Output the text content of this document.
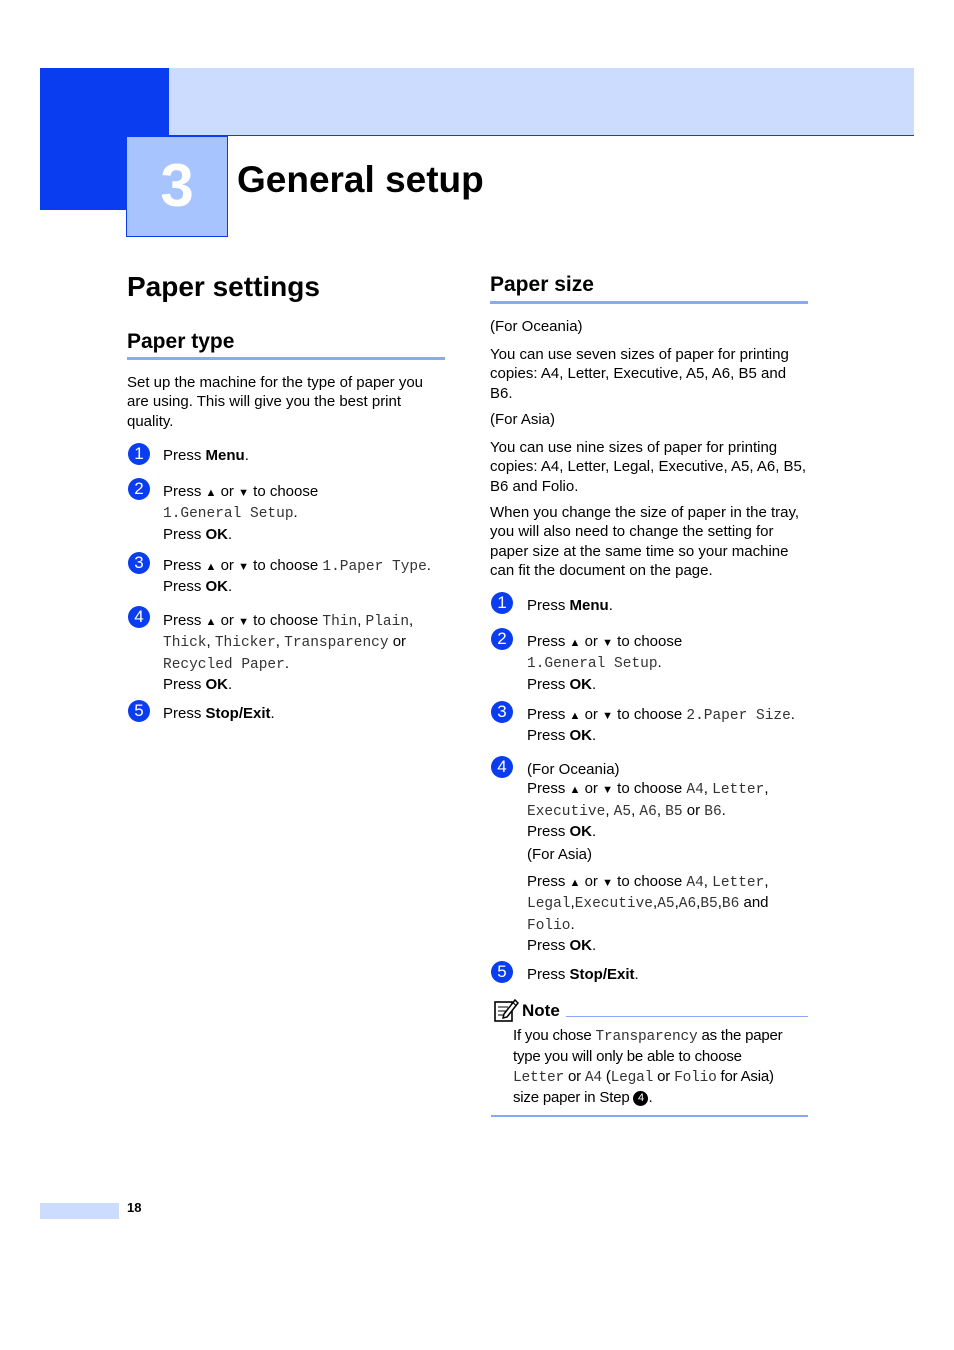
3	General setup
Paper settings
Paper type
Set up the machine for the type of paper you are using. This will give you the best print quality.
1	Press Menu.
2	Press ▲ or ▼ to choose
1.General Setup.
Press OK.
3	Press ▲ or ▼ to choose 1.Paper Type.
Press OK.
4	Press ▲ or ▼ to choose Thin, Plain,
Thick, Thicker, Transparency or
Recycled Paper.
Press OK.
5	Press Stop/Exit.
Paper size
(For Oceania)
You can use seven sizes of paper for printing copies: A4, Letter, Executive, A5, A6, B5 and B6.
(For Asia)
You can use nine sizes of paper for printing copies: A4, Letter, Legal, Executive, A5, A6, B5, B6 and Folio.
When you change the size of paper in the tray, you will also need to change the setting for paper size at the same time so your machine can fit the document on the page.
1	Press Menu.
2	Press ▲ or ▼ to choose
1.General Setup.
Press OK.
3	Press ▲ or ▼ to choose 2.Paper Size.
Press OK.
4	(For Oceania)
Press ▲ or ▼ to choose A4, Letter,
Executive, A5, A6, B5 or B6.
Press OK.
(For Asia)
Press ▲ or ▼ to choose A4, Letter,
Legal,Executive,A5,A6,B5,B6 and
Folio.
Press OK.
5	Press Stop/Exit.
Note
If you chose Transparency as the paper type you will only be able to choose
Letter or A4 (Legal or Folio for Asia)
size paper in Step 4 .
18
